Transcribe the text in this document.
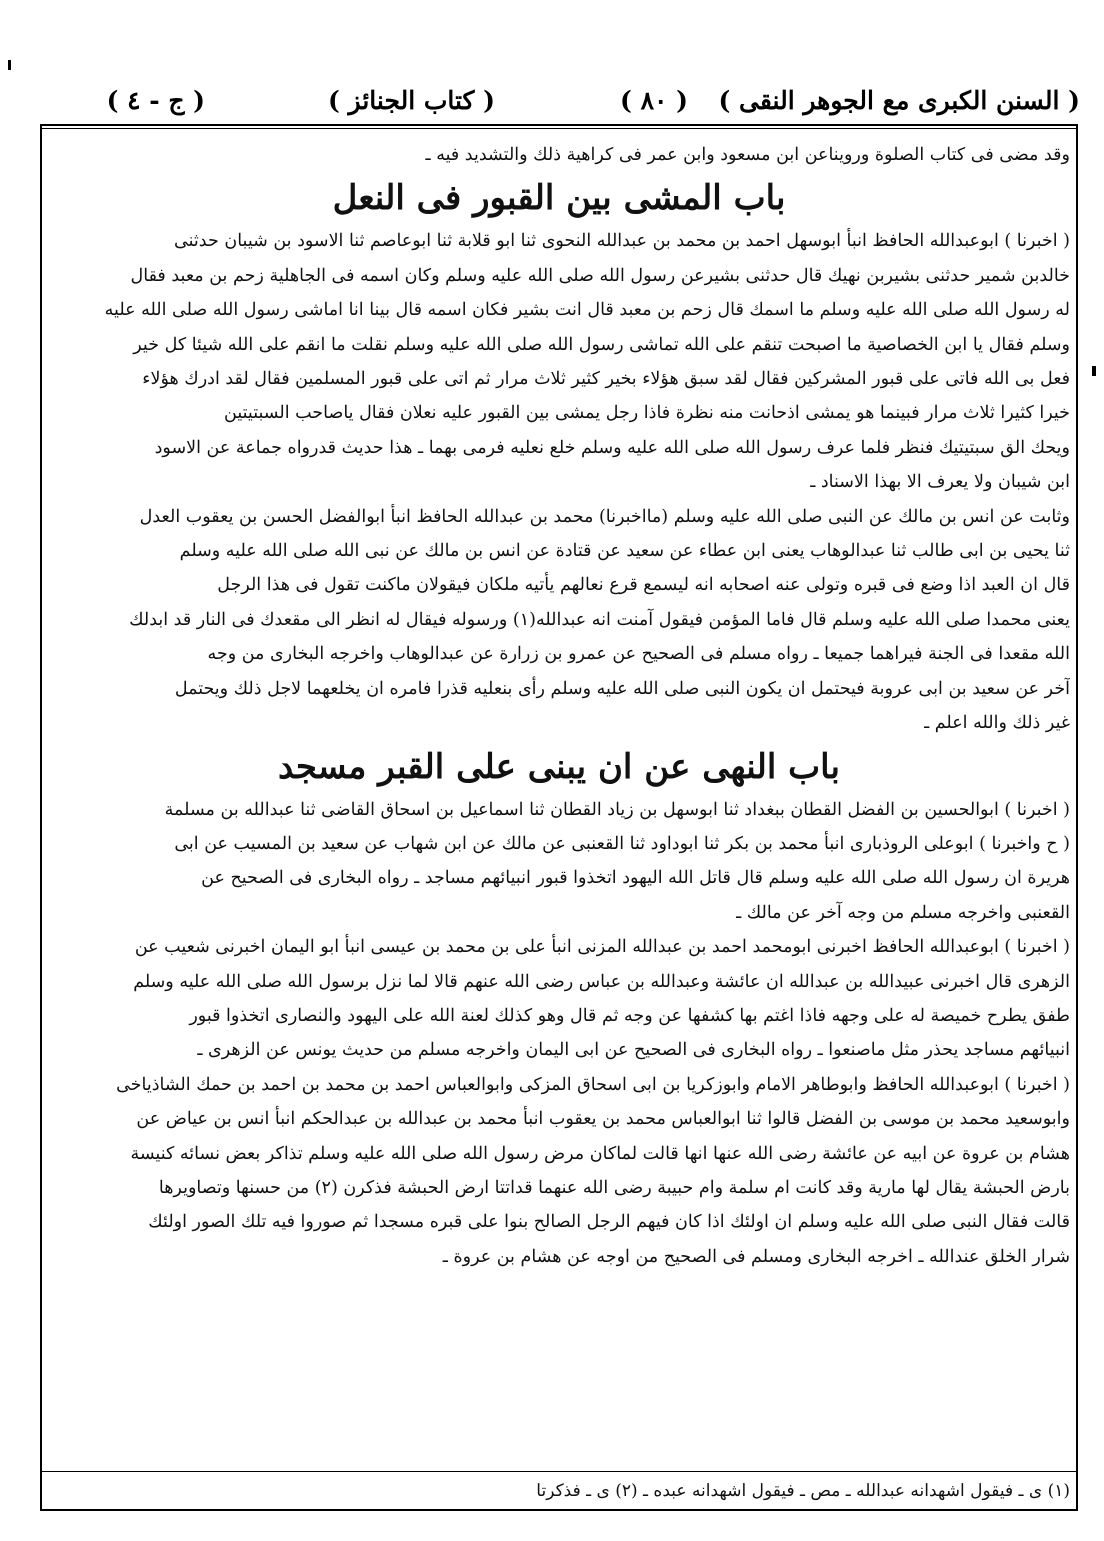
( السنن الكبرى مع الجوهر النقى )
( ٨٠ )
( كتاب الجنائز )
( ج - ٤ )
وقد مضى فى كتاب الصلوة ورويناعن ابن مسعود وابن عمر فى كراهية ذلك والتشديد فيه ـ
باب المشى بين القبور فى النعل

( اخبرنا ) ابوعبدالله الحافظ انبأ ابوسهل احمد بن محمد بن عبدالله النحوى ثنا ابو قلابة ثنا ابوعاصم ثنا الاسود بن شيبان حدثنى
خالدبن شمير حدثنى بشيربن نهيك قال حدثنى بشيرعن رسول الله صلى الله عليه وسلم وكان اسمه فى الجاهلية زحم بن معبد فقال
له رسول الله صلى الله عليه وسلم ما اسمك قال زحم بن معبد قال انت بشير فكان اسمه قال بينا انا اماشى رسول الله صلى الله عليه
وسلم فقال يا ابن الخصاصية ما اصبحت تنقم على الله تماشى رسول الله صلى الله عليه وسلم نقلت ما انقم على الله شيئا كل خير
فعل بى الله فاتى على قبور المشركين فقال لقد سبق هؤلاء بخير كثير ثلاث مرار ثم اتى على قبور المسلمين فقال لقد ادرك هؤلاء
خيرا كثيرا ثلاث مرار فبينما هو يمشى اذحانت منه نظرة فاذا رجل يمشى بين القبور عليه نعلان فقال ياصاحب السبتيتين
ويحك الق سبتيتيك فنظر فلما عرف رسول الله صلى الله عليه وسلم خلع نعليه فرمى بهما ـ هذا حديث قدرواه جماعة عن الاسود
ابن شيبان ولا يعرف الا بهذا الاسناد ـ

وثابت عن انس بن مالك عن النبى صلى الله عليه وسلم (مااخبرنا) محمد بن عبدالله الحافظ انبأ ابوالفضل الحسن بن يعقوب العدل
ثنا يحيى بن ابى طالب ثنا عبدالوهاب يعنى ابن عطاء عن سعيد عن قتادة عن انس بن مالك عن نبى الله صلى الله عليه وسلم
قال ان العبد اذا وضع فى قبره وتولى عنه اصحابه انه ليسمع قرع نعالهم يأتيه ملكان فيقولان ماكنت تقول فى هذا الرجل
يعنى محمدا صلى الله عليه وسلم قال فاما المؤمن فيقول آمنت انه عبدالله(١) ورسوله فيقال له انظر الى مقعدك فى النار قد ابدلك
الله مقعدا فى الجنة فيراهما جميعا ـ رواه مسلم فى الصحيح عن عمرو بن زرارة عن عبدالوهاب واخرجه البخارى من وجه
آخر عن سعيد بن ابى عروبة فيحتمل ان يكون النبى صلى الله عليه وسلم رأى بنعليه قذرا فامره ان يخلعهما لاجل ذلك ويحتمل
غير ذلك والله اعلم ـ

باب النهى عن ان يبنى على القبر مسجد

( اخبرنا ) ابوالحسين بن الفضل القطان ببغداد ثنا ابوسهل بن زياد القطان ثنا اسماعيل بن اسحاق القاضى ثنا عبدالله بن مسلمة
( ح واخبرنا ) ابوعلى الروذبارى انبأ محمد بن بكر ثنا ابوداود ثنا القعنبى عن مالك عن ابن شهاب عن سعيد بن المسيب عن ابى
هريرة ان رسول الله صلى الله عليه وسلم قال قاتل الله اليهود اتخذوا قبور انبيائهم مساجد ـ رواه البخارى فى الصحيح عن
القعنبى واخرجه مسلم من وجه آخر عن مالك ـ

( اخبرنا ) ابوعبدالله الحافظ اخبرنى ابومحمد احمد بن عبدالله المزنى انبأ على بن محمد بن عيسى انبأ ابو اليمان اخبرنى شعيب عن
الزهرى قال اخبرنى عبيدالله بن عبدالله ان عائشة وعبدالله بن عباس رضى الله عنهم قالا لما نزل برسول الله صلى الله عليه وسلم
طفق يطرح خميصة له على وجهه فاذا اغتم بها كشفها عن وجه ثم قال وهو كذلك لعنة الله على اليهود والنصارى اتخذوا قبور
انبيائهم مساجد يحذر مثل ماصنعوا ـ رواه البخارى فى الصحيح عن ابى اليمان واخرجه مسلم من حديث يونس عن الزهرى ـ

( اخبرنا ) ابوعبدالله الحافظ وابوطاهر الامام وابوزكريا بن ابى اسحاق المزكى وابوالعباس احمد بن محمد بن احمد بن حمك الشاذياخى
وابوسعيد محمد بن موسى بن الفضل قالوا ثنا ابوالعباس محمد بن يعقوب انبأ محمد بن عبدالله بن عبدالحكم انبأ انس بن عياض عن
هشام بن عروة عن ابيه عن عائشة رضى الله عنها انها قالت لماكان مرض رسول الله صلى الله عليه وسلم تذاكر بعض نسائه كنيسة
بارض الحبشة يقال لها مارية وقد كانت ام سلمة وام حبيبة رضى الله عنهما قداتتا ارض الحبشة فذكرن (٢) من حسنها وتصاويرها
قالت فقال النبى صلى الله عليه وسلم ان اولئك اذا كان فيهم الرجل الصالح بنوا على قبره مسجدا ثم صوروا فيه تلك الصور اولئك
شرار الخلق عندالله ـ اخرجه البخارى ومسلم فى الصحيح من اوجه عن هشام بن عروة ـ

(١) ى ـ فيقول اشهدانه عبدالله ـ مص ـ فيقول اشهدانه عبده ـ (٢) ى ـ فذكرتا
